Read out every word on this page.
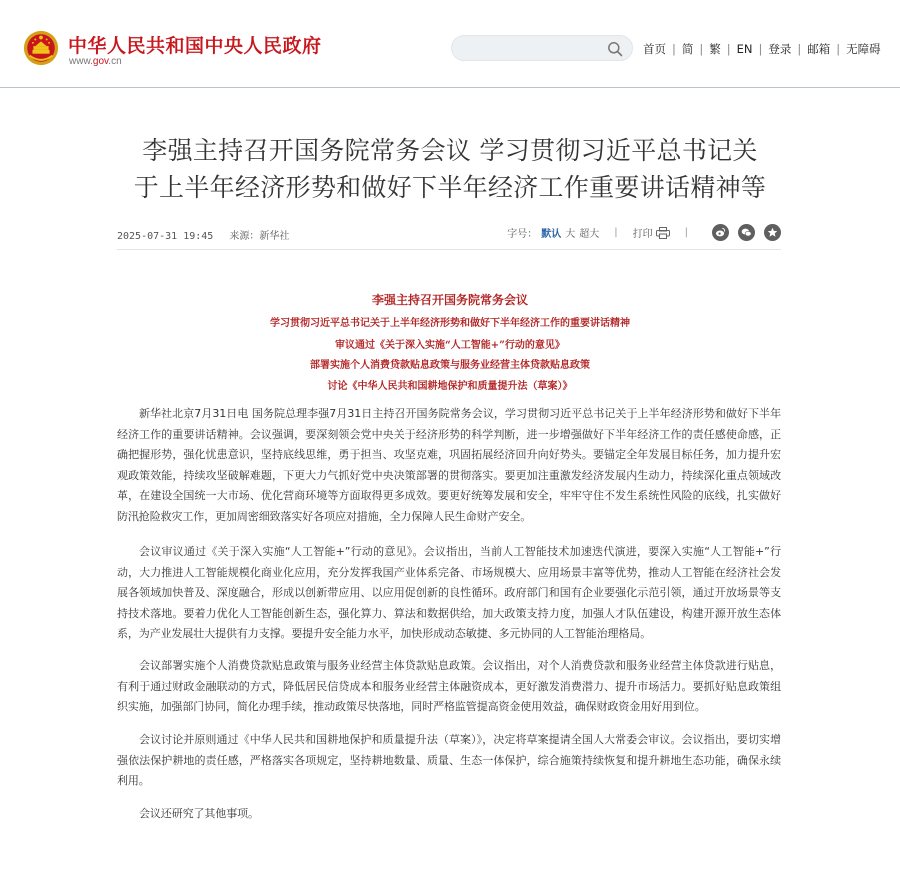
中华人民共和国中央人民政府
www.gov.cn
首页 | 简 | 繁 | EN | 登录 | 邮箱 | 无障碍
李强主持召开国务院常务会议 学习贯彻习近平总书记关
于上半年经济形势和做好下半年经济工作重要讲话精神等
2025-07-31 19:45 来源：新华社	字号： 默认 大 超大 | 打印	|
李强主持召开国务院常务会议
学习贯彻习近平总书记关于上半年经济形势和做好下半年经济工作的重要讲话精神
审议通过《关于深入实施“人工智能+”行动的意见》
部署实施个人消费贷款贴息政策与服务业经营主体贷款贴息政策
讨论《中华人民共和国耕地保护和质量提升法（草案）》

新华社北京7月31日电 国务院总理李强7月31日主持召开国务院常务会议，学习贯彻习近平总书记关于上半年经济形势和做好下半年经济工作的重要讲话精神。会议强调，要深刻领会党中央关于经济形势的科学判断，进一步增强做好下半年经济工作的责任感使命感，正确把握形势，强化忧患意识，坚持底线思维，勇于担当、攻坚克难，巩固拓展经济回升向好势头。要锚定全年发展目标任务，加力提升宏观政策效能，持续攻坚破解难题，下更大力气抓好党中央决策部署的贯彻落实。要更加注重激发经济发展内生动力，持续深化重点领域改革，在建设全国统一大市场、优化营商环境等方面取得更多成效。要更好统筹发展和安全，牢牢守住不发生系统性风险的底线，扎实做好防汛抢险救灾工作，更加周密细致落实好各项应对措施，全力保障人民生命财产安全。

会议审议通过《关于深入实施“人工智能+”行动的意见》。会议指出，当前人工智能技术加速迭代演进，要深入实施“人工智能+”行动，大力推进人工智能规模化商业化应用，充分发挥我国产业体系完备、市场规模大、应用场景丰富等优势，推动人工智能在经济社会发展各领域加快普及、深度融合，形成以创新带应用、以应用促创新的良性循环。政府部门和国有企业要强化示范引领，通过开放场景等支持技术落地。要着力优化人工智能创新生态，强化算力、算法和数据供给，加大政策支持力度，加强人才队伍建设，构建开源开放生态体系，为产业发展壮大提供有力支撑。要提升安全能力水平，加快形成动态敏捷、多元协同的人工智能治理格局。

会议部署实施个人消费贷款贴息政策与服务业经营主体贷款贴息政策。会议指出，对个人消费贷款和服务业经营主体贷款进行贴息，有利于通过财政金融联动的方式，降低居民信贷成本和服务业经营主体融资成本，更好激发消费潜力、提升市场活力。要抓好贴息政策组织实施，加强部门协同，简化办理手续，推动政策尽快落地，同时严格监管提高资金使用效益，确保财政资金用好用到位。

会议讨论并原则通过《中华人民共和国耕地保护和质量提升法（草案）》，决定将草案提请全国人大常委会审议。会议指出，要切实增强依法保护耕地的责任感，严格落实各项规定，坚持耕地数量、质量、生态一体保护，综合施策持续恢复和提升耕地生态功能，确保永续利用。

会议还研究了其他事项。
